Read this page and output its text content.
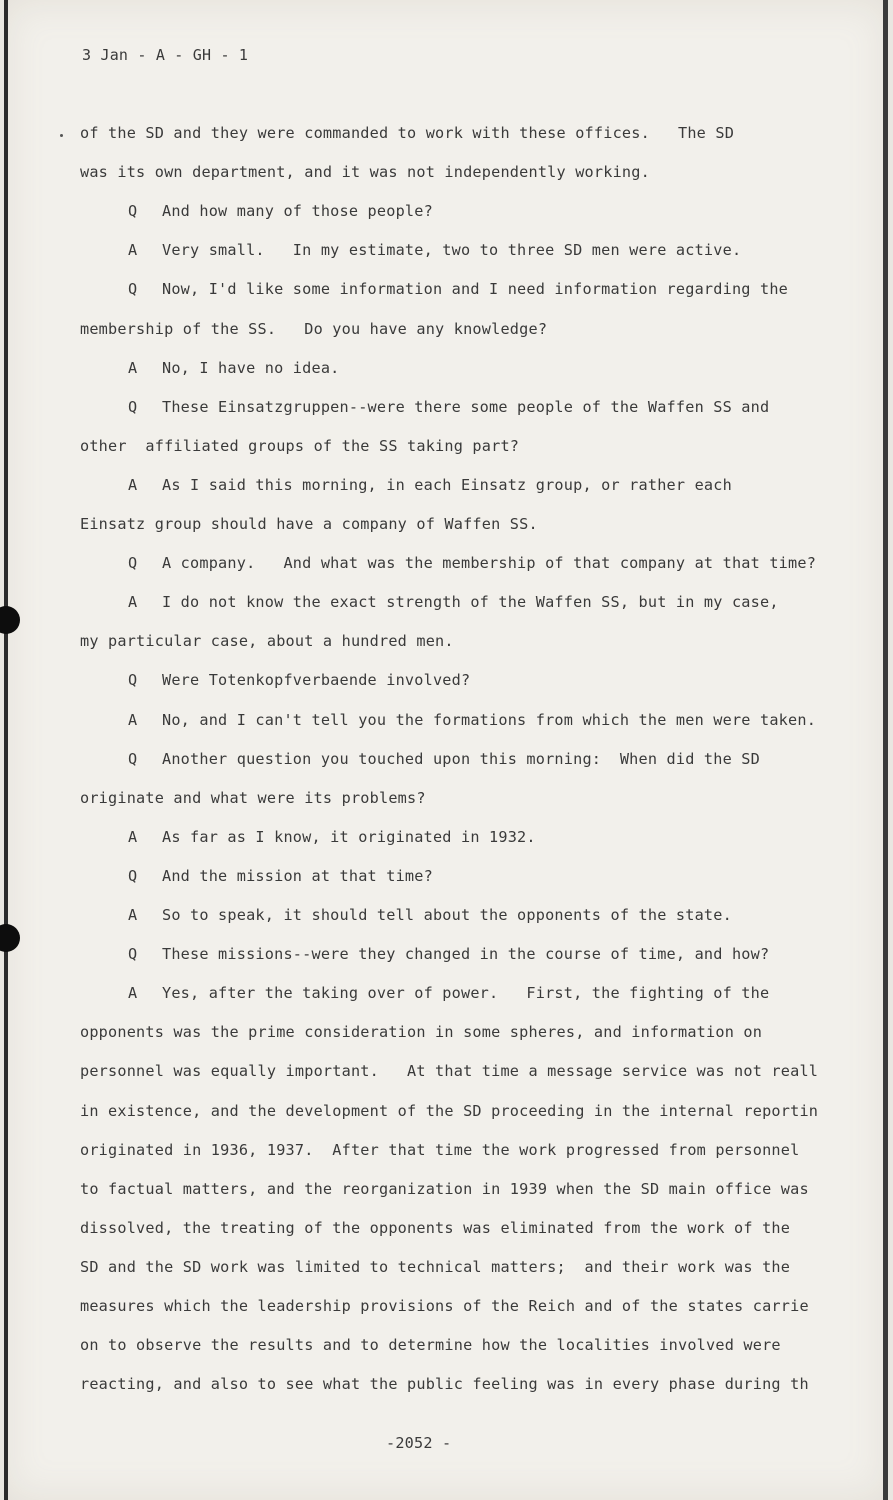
3 Jan - A - GH - 1
of the SD and they were commanded to work with these offices.   The SD
was its own department, and it was not independently working.
Q And how many of those people?
A Very small.   In my estimate, two to three SD men were active.
Q Now, I'd like some information and I need information regarding the
membership of the SS.   Do you have any knowledge?
A No, I have no idea.
Q These Einsatzgruppen--were there some people of the Waffen SS and
other  affiliated groups of the SS taking part?
A As I said this morning, in each Einsatz group, or rather each
Einsatz group should have a company of Waffen SS.
Q A company.   And what was the membership of that company at that time?
A I do not know the exact strength of the Waffen SS, but in my case,
my particular case, about a hundred men.
Q Were Totenkopfverbaende involved?
A No, and I can't tell you the formations from which the men were taken.
Q Another question you touched upon this morning:  When did the SD
originate and what were its problems?
A As far as I know, it originated in 1932.
Q And the mission at that time?
A So to speak, it should tell about the opponents of the state.
Q These missions--were they changed in the course of time, and how?
A Yes, after the taking over of power.   First, the fighting of the
opponents was the prime consideration in some spheres, and information on
personnel was equally important.   At that time a message service was not reall
in existence, and the development of the SD proceeding in the internal reportin
originated in 1936, 1937.  After that time the work progressed from personnel
to factual matters, and the reorganization in 1939 when the SD main office was
dissolved, the treating of the opponents was eliminated from the work of the
SD and the SD work was limited to technical matters;  and their work was the
measures which the leadership provisions of the Reich and of the states carrie
on to observe the results and to determine how the localities involved were
reacting, and also to see what the public feeling was in every phase during th
-2052 -
